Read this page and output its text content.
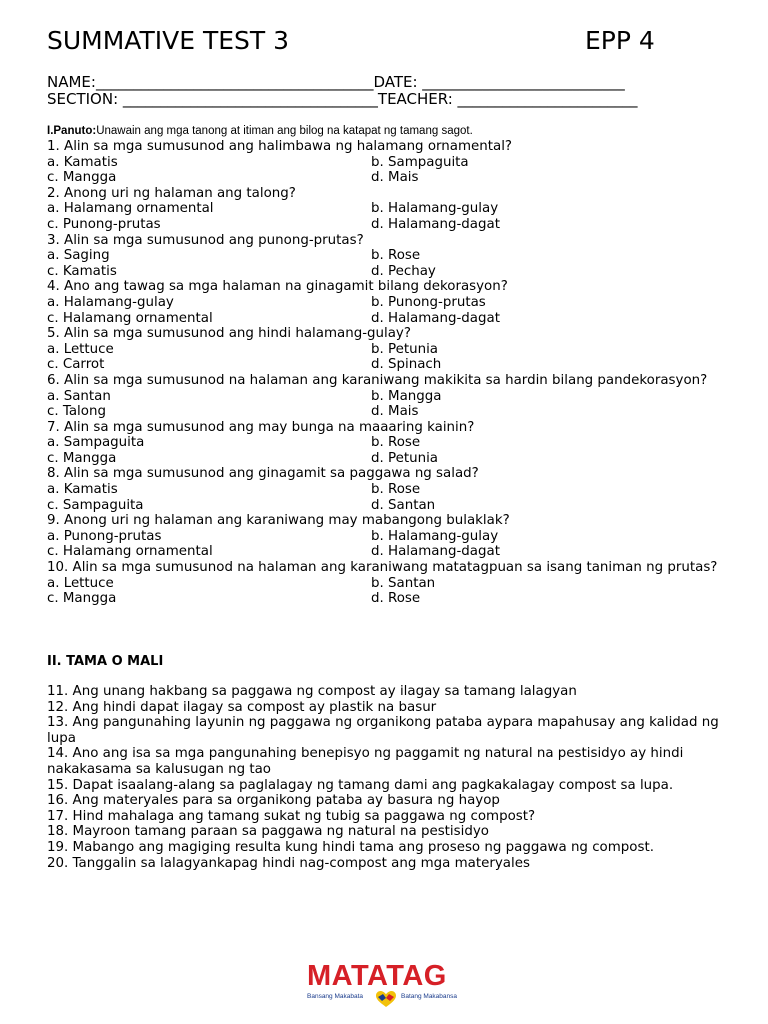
SUMMATIVE TEST 3	EPP 4
NAME:_____________________________________DATE: ___________________________
SECTION: __________________________________TEACHER: ________________________
I.Panuto:Unawain ang mga tanong at itiman ang bilog na katapat ng tamang sagot.
1. Alin sa mga sumusunod ang halimbawa ng halamang ornamental?
a. Kamatis	b. Sampaguita
c. Mangga	d. Mais
2. Anong uri ng halaman ang talong?
a. Halamang ornamental	b. Halamang-gulay
c. Punong-prutas	d. Halamang-dagat
3. Alin sa mga sumusunod ang punong-prutas?
a. Saging	b. Rose
c. Kamatis	d. Pechay
4. Ano ang tawag sa mga halaman na ginagamit bilang dekorasyon?
a. Halamang-gulay	b. Punong-prutas
c. Halamang ornamental	d. Halamang-dagat
5. Alin sa mga sumusunod ang hindi halamang-gulay?
a. Lettuce	b. Petunia
c. Carrot	d. Spinach
6. Alin sa mga sumusunod na halaman ang karaniwang makikita sa hardin bilang pandekorasyon?
a. Santan	b. Mangga
c. Talong	d. Mais
7. Alin sa mga sumusunod ang may bunga na maaaring kainin?
a. Sampaguita	b. Rose
c. Mangga	d. Petunia
8. Alin sa mga sumusunod ang ginagamit sa paggawa ng salad?
a. Kamatis	b. Rose
c. Sampaguita	d. Santan
9. Anong uri ng halaman ang karaniwang may mabangong bulaklak?
a. Punong-prutas	b. Halamang-gulay
c. Halamang ornamental	d. Halamang-dagat
10. Alin sa mga sumusunod na halaman ang karaniwang matatagpuan sa isang taniman ng prutas?
a. Lettuce	b. Santan
c. Mangga	d. Rose
II. TAMA O MALI
11. Ang unang hakbang sa paggawa ng compost ay ilagay sa tamang lalagyan
12. Ang hindi dapat ilagay sa compost ay plastik na basur
13. Ang pangunahing layunin ng paggawa ng organikong pataba aypara mapahusay ang kalidad ng lupa
14. Ano ang isa sa mga pangunahing benepisyo ng paggamit ng natural na pestisidyo ay hindi nakakasama sa kalusugan ng tao
15. Dapat isaalang-alang sa paglalagay ng tamang dami ang pagkakalagay compost sa lupa.
16. Ang materyales para sa organikong pataba ay basura ng hayop
17. Hind mahalaga ang tamang sukat ng tubig sa paggawa ng compost?
18. Mayroon tamang paraan sa paggawa ng natural na pestisidyo
19. Mabango ang magiging resulta kung hindi tama ang proseso ng paggawa ng compost.
20. Tanggalin sa lalagyankapag hindi nag-compost ang mga materyales
MATATAG
Bansang Makabata	Batang Makabansa
